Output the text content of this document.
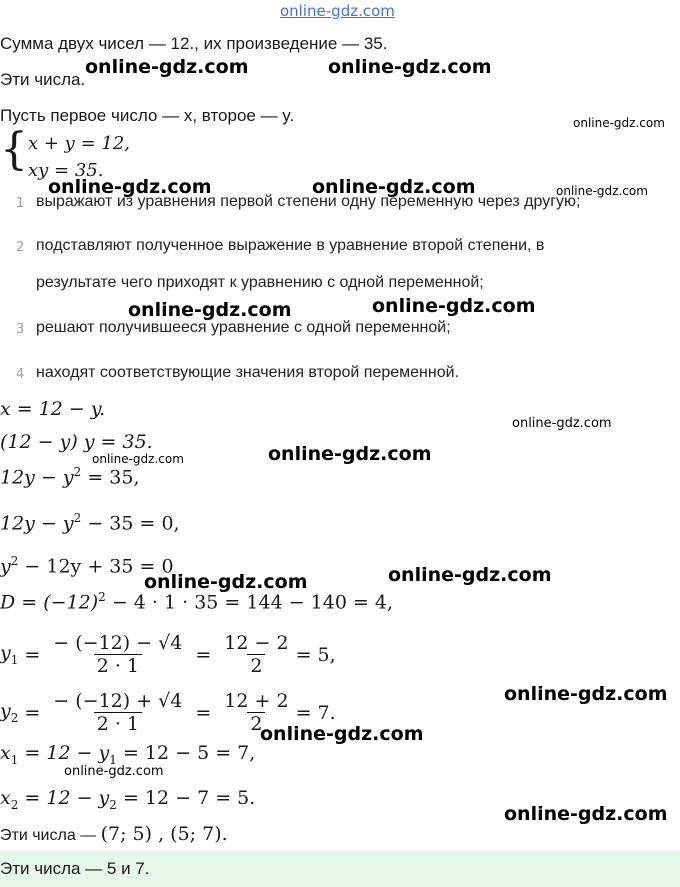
online-gdz.com
Сумма двух чисел — 12., их произведение — 35.
Эти числа.
Пусть первое число — x, второе — y.
{ x + y = 12,
xy = 35.
1 выражают из уравнения первой степени одну переменную через другую;
2 подставляют полученное выражение в уравнение второй степени, в
результате чего приходят к уравнению с одной переменной;
3 решают получившееся уравнение с одной переменной;
4 находят соответствующие значения второй переменной.
x = 12 − y.
(12 − y) y = 35.
$12y - y^2 = 35$,
$12y - y^2 - 35 = 0$,
$y^2 - 12y + 35 = 0$
$D = (-12)^2 - 4 \cdot 1 \cdot 35 = 144 - 140 = 4$,
$y_1 = \frac{- (-12) - √4}{2 \cdot 1} = \frac{12 - 2}{2} = 5$,
$y_2 = \frac{- (-12) + √4}{2 \cdot 1} = \frac{12 + 2}{2} = 7$.
$x_1 = 12 - y_1 = 12 - 5 = 7$,
$x_2 = 12 - y_2 = 12 - 7 = 5$.
Эти числа — (7; 5) , (5; 7).
Эти числа — 5 и 7.
online-gdz.com	online-gdz.com
online-gdz.com
online-gdz.com	online-gdz.com	online-gdz.com
online-gdz.com	online-gdz.com
online-gdz.com
online-gdz.com	online-gdz.com
online-gdz.com	online-gdz.com
online-gdz.com
online-gdz.com
online-gdz.com
online-gdz.com
